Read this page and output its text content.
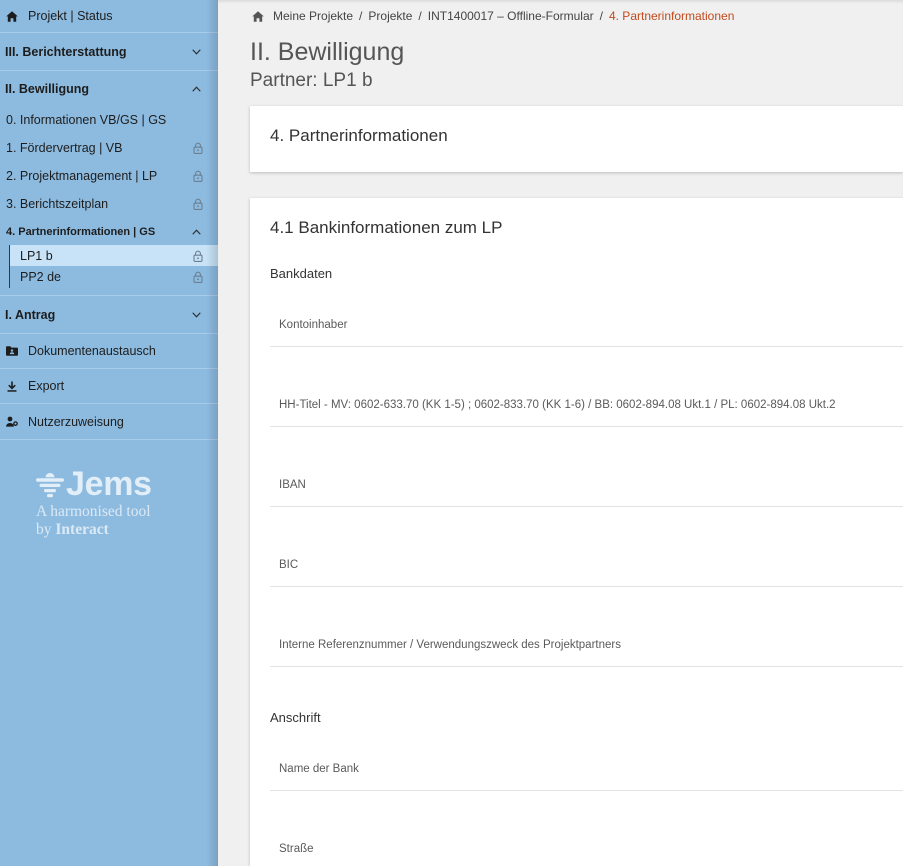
Projekt | Status
III. Berichterstattung
II. Bewilligung
0. Informationen VB/GS | GS
1. Fördervertrag | VB
2. Projektmanagement | LP
3. Berichtszeitplan
4. Partnerinformationen | GS
LP1 b
PP2 de
I. Antrag
Dokumentenaustausch
Export
Nutzerzuweisung
Jems
A harmonised tool
by Interact
Meine Projekte / Projekte / INT1400017 – Offline-Formular / 4. Partnerinformationen
II. Bewilligung
Partner: LP1 b
4. Partnerinformationen
4.1 Bankinformationen zum LP
Bankdaten
Kontoinhaber
HH-Titel - MV: 0602-633.70 (KK 1-5) ; 0602-833.70 (KK 1-6) / BB: 0602-894.08 Ukt.1 / PL: 0602-894.08 Ukt.2
IBAN
BIC
Interne Referenznummer / Verwendungszweck des Projektpartners
Anschrift
Name der Bank
Straße
